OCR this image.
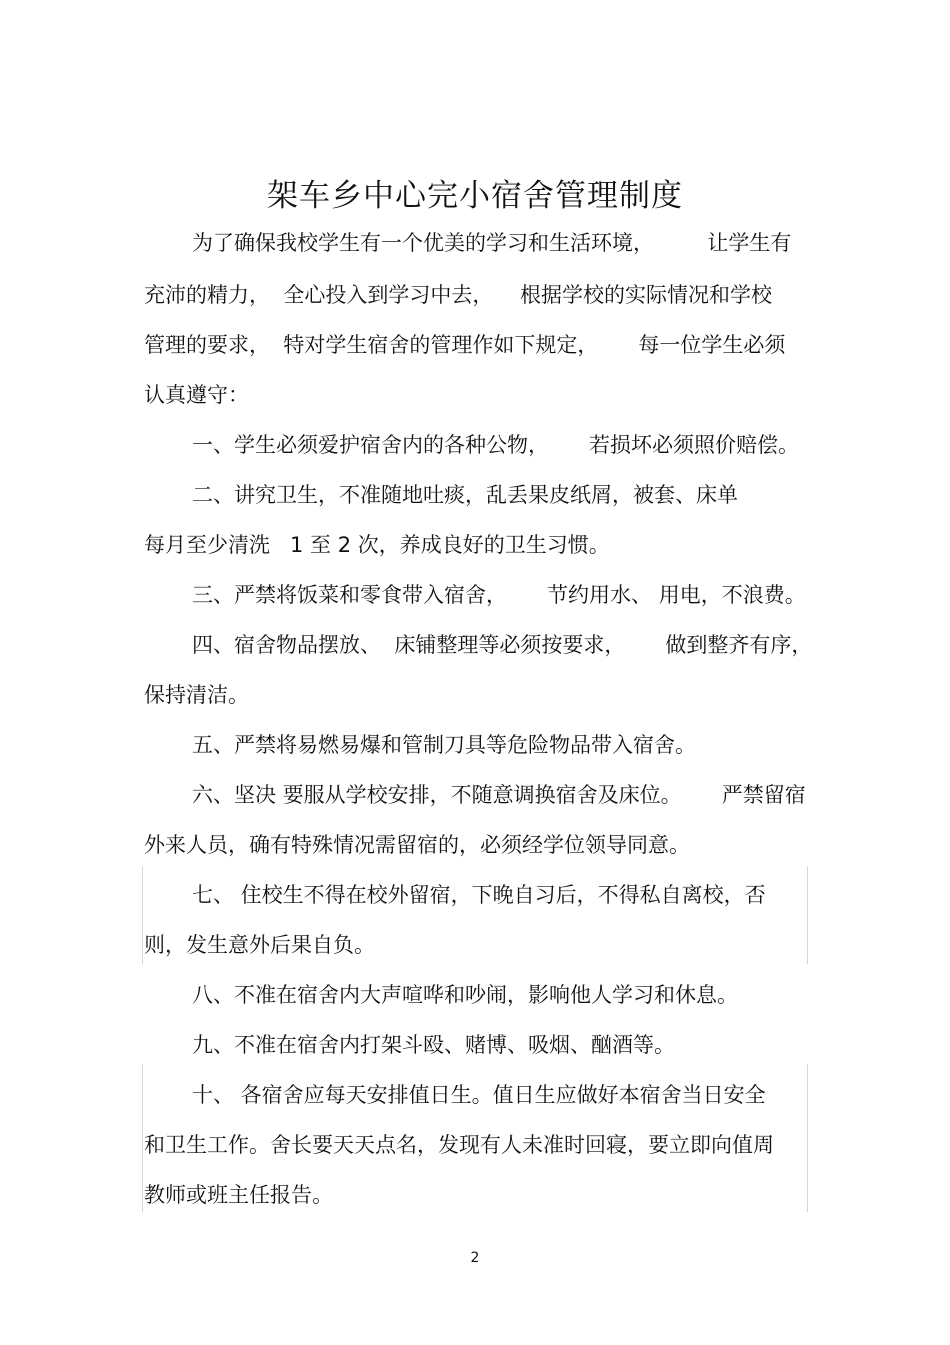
架车乡中心完小宿舍管理制度
为了确保我校学生有一个优美的学习和生活环境，        让学生有
充沛的精力，  全心投入到学习中去，    根据学校的实际情况和学校
管理的要求，  特对学生宿舍的管理作如下规定，      每一位学生必须
认真遵守：
一、学生必须爱护宿舍内的各种公物，      若损坏必须照价赔偿。
二、讲究卫生，不准随地吐痰，乱丢果皮纸屑，被套、床单
每月至少清洗   1 至 2 次，养成良好的卫生习惯。
三、严禁将饭菜和零食带入宿舍，      节约用水、 用电，不浪费。
四、宿舍物品摆放、  床铺整理等必须按要求，      做到整齐有序，
保持清洁。
五、严禁将易燃易爆和管制刀具等危险物品带入宿舍。
六、坚决 要服从学校安排，不随意调换宿舍及床位。      严禁留宿
外来人员，确有特殊情况需留宿的，必须经学位领导同意。
七、 住校生不得在校外留宿，下晚自习后，不得私自离校，否
则，发生意外后果自负。
八、不准在宿舍内大声喧哗和吵闹，影响他人学习和休息。
九、不准在宿舍内打架斗殴、赌博、吸烟、酗酒等。
十、 各宿舍应每天安排值日生。值日生应做好本宿舍当日安全
和卫生工作。舍长要天天点名，发现有人未准时回寝，要立即向值周
教师或班主任报告。
2
